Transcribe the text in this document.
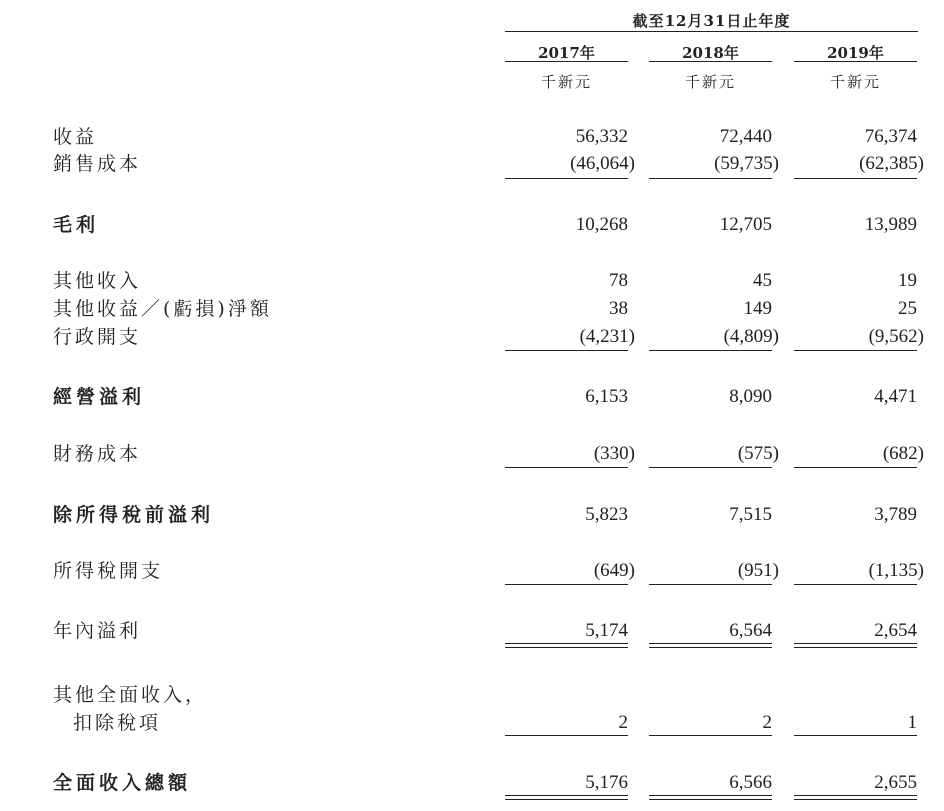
截至12月31日止年度
2017年	2018年	2019年
千新元	千新元	千新元
收益	56,332	72,440	76,374
銷售成本	(46,064)	(59,735)	(62,385)
毛利	10,268	12,705	13,989
其他收入	78	45	19
其他收益／(虧損)淨額	38	149	25
行政開支	(4,231)	(4,809)	(9,562)
經營溢利	6,153	8,090	4,471
財務成本	(330)	(575)	(682)
除所得稅前溢利	5,823	7,515	3,789
所得稅開支	(649)	(951)	(1,135)
年內溢利	5,174	6,564	2,654
其他全面收入，
扣除稅項	2	2	1
全面收入總額	5,176	6,566	2,655
